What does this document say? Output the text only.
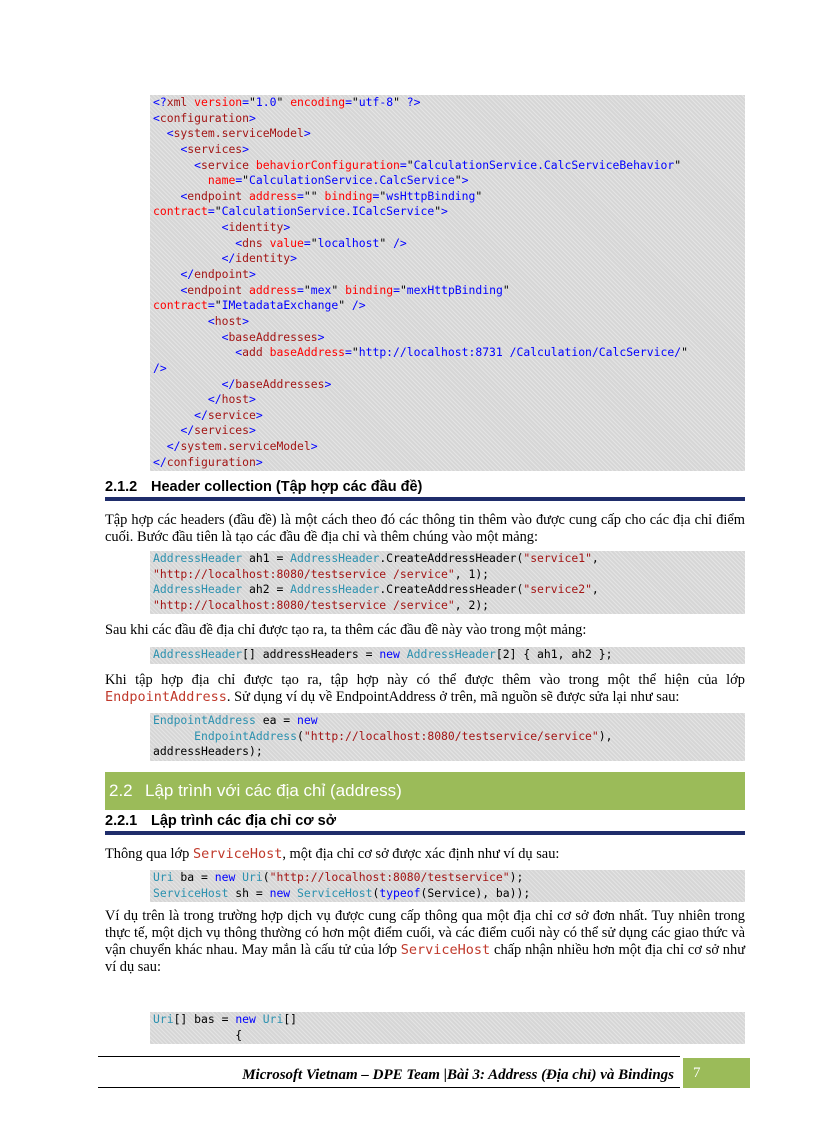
<?xml version="1.0" encoding="utf-8" ?>
<configuration>
<system.serviceModel>
<services>
<service behaviorConfiguration="CalculationService.CalcServiceBehavior"
name="CalculationService.CalcService">
<endpoint address="" binding="wsHttpBinding"
contract="CalculationService.ICalcService">
<identity>
<dns value="localhost" />
</identity>
</endpoint>
<endpoint address="mex" binding="mexHttpBinding"
contract="IMetadataExchange" />
<host>
<baseAddresses>
<add baseAddress="http://localhost:8731 /Calculation/CalcService/"
/>
</baseAddresses>
</host>
</service>
</services>
</system.serviceModel>
</configuration>
2.1.2 Header collection (Tập hợp các đầu đề)
Tập hợp các headers (đầu đề) là một cách theo đó các thông tin thêm vào được cung cấp cho các địa chỉ điểm cuối. Bước đầu tiên là tạo các đầu đề địa chỉ và thêm chúng vào một mảng:
AddressHeader ah1 = AddressHeader.CreateAddressHeader("service1",
"http://localhost:8080/testservice /service", 1);
AddressHeader ah2 = AddressHeader.CreateAddressHeader("service2",
"http://localhost:8080/testservice /service", 2);
Sau khi các đầu đề địa chỉ được tạo ra, ta thêm các đầu đề này vào trong một mảng:
AddressHeader[] addressHeaders = new AddressHeader[2] { ah1, ah2 };
Khi tập hợp địa chỉ được tạo ra, tập hợp này có thể được thêm vào trong một thể hiện của lớp EndpointAddress. Sử dụng ví dụ về EndpointAddress ở trên, mã nguồn sẽ được sửa lại như sau:
EndpointAddress ea = new
EndpointAddress("http://localhost:8080/testservice/service"),
addressHeaders);
2.2 Lập trình với các địa chỉ (address)
2.2.1 Lập trình các địa chỉ cơ sở
Thông qua lớp ServiceHost, một địa chỉ cơ sở được xác định như ví dụ sau:
Uri ba = new Uri("http://localhost:8080/testservice");
ServiceHost sh = new ServiceHost(typeof(Service), ba));
Ví dụ trên là trong trường hợp dịch vụ được cung cấp thông qua một địa chỉ cơ sở đơn nhất. Tuy nhiên trong thực tế, một dịch vụ thông thường có hơn một điểm cuối, và các điểm cuối này có thể sử dụng các giao thức và vận chuyển khác nhau. May mắn là cấu tử của lớp ServiceHost chấp nhận nhiều hơn một địa chỉ cơ sở như ví dụ sau:
Uri[] bas = new Uri[]
{
Microsoft Vietnam – DPE Team |Bài 3: Address (Địa chỉ) và Bindings	7
